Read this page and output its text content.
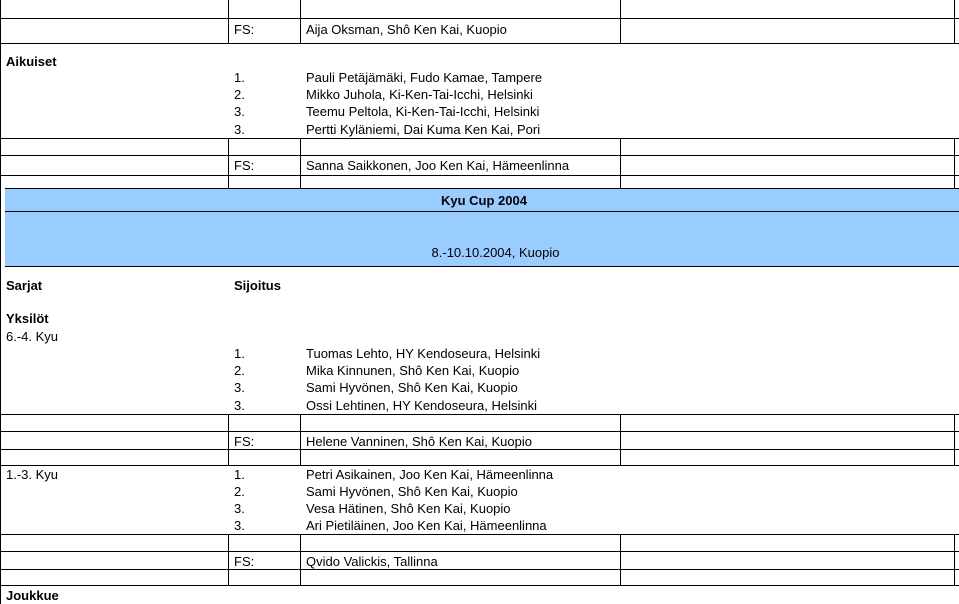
FS:	Aija Oksman, Shô Ken Kai, Kuopio
Aikuiset
1.	Pauli Petäjämäki, Fudo Kamae, Tampere
2.	Mikko Juhola, Ki-Ken-Tai-Icchi, Helsinki
3.	Teemu Peltola, Ki-Ken-Tai-Icchi, Helsinki
3.	Pertti Kyläniemi, Dai Kuma Ken Kai, Pori
FS:	Sanna Saikkonen, Joo Ken Kai, Hämeenlinna
Kyu Cup 2004
8.-10.10.2004, Kuopio
Sarjat	Sijoitus
Yksilöt
6.-4. Kyu
1.	Tuomas Lehto, HY Kendoseura, Helsinki
2.	Mika Kinnunen, Shô Ken Kai, Kuopio
3.	Sami Hyvönen, Shô Ken Kai, Kuopio
3.	Ossi Lehtinen, HY Kendoseura, Helsinki
FS:	Helene Vanninen, Shô Ken Kai, Kuopio
1.-3. Kyu	1.	Petri Asikainen, Joo Ken Kai, Hämeenlinna
2.	Sami Hyvönen, Shô Ken Kai, Kuopio
3.	Vesa Hätinen, Shô Ken Kai, Kuopio
3.	Ari Pietiläinen, Joo Ken Kai, Hämeenlinna
FS:	Qvido Valickis, Tallinna
Joukkue
